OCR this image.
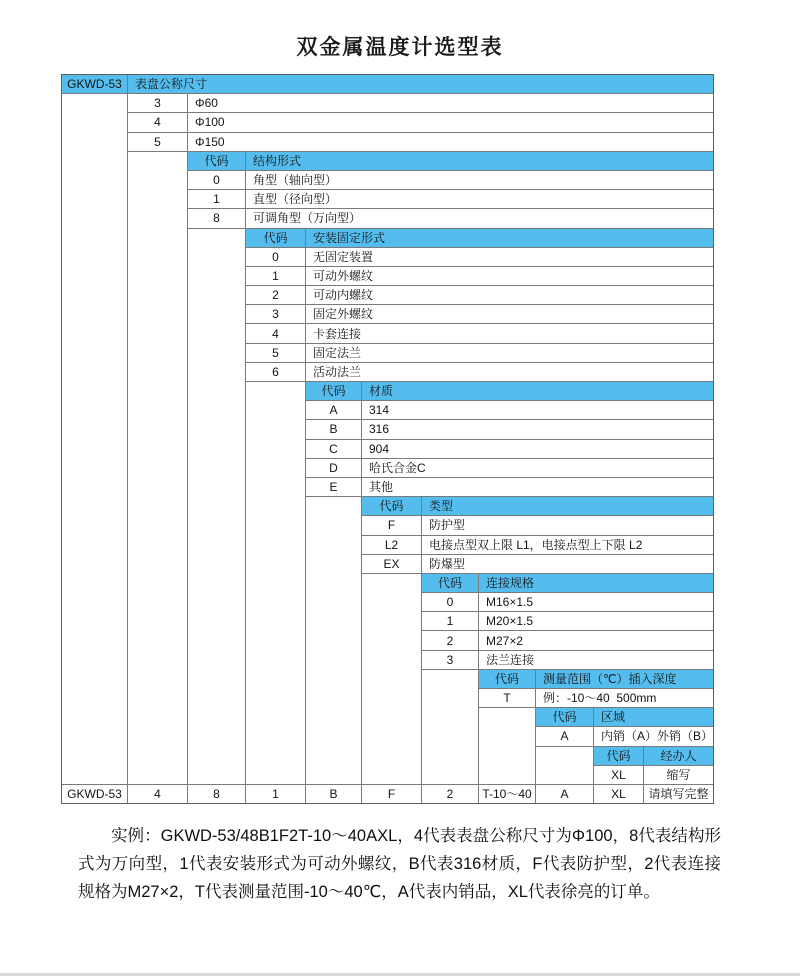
双金属温度计选型表
GKWD-53	表盘公称尺寸
3	Φ60
4	Φ100
5	Φ150
代码	结构形式
0	角型（轴向型）
1	直型（径向型）
8	可调角型（万向型）
代码	安装固定形式
0	无固定装置
1	可动外螺纹
2	可动内螺纹
3	固定外螺纹
4	卡套连接
5	固定法兰
6	活动法兰
代码	材质
A	314
B	316
C	904
D	哈氏合金C
E	其他
代码	类型
F	防护型
L2	电接点型双上限 L1，电接点型上下限 L2
EX	防爆型
代码	连接规格
0	M16×1.5
1	M20×1.5
2	M27×2
3	法兰连接
代码	测量范围（℃）插入深度
T	例：-10～40  500mm
代码	区域
A	内销（A）外销（B）
代码	经办人
XL	缩写
GKWD-53	4	8	1	B	F	2	T-10～40	A	XL	请填写完整
实例：GKWD-53/48B1F2T-10～40AXL，4代表表盘公称尺寸为Φ100，8代表结构形式为万向型，1代表安装形式为可动外螺纹，B代表316材质，F代表防护型，2代表连接规格为M27×2，T代表测量范围-10～40℃，A代表内销品，XL代表徐亮的订单。
